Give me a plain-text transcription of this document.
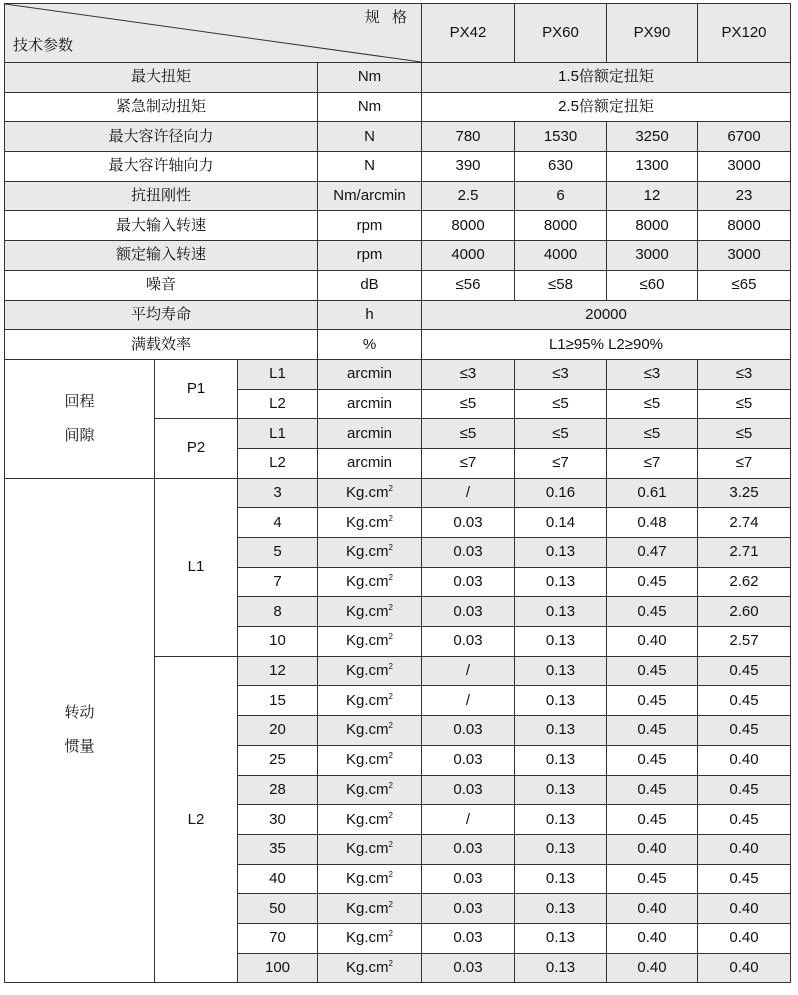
规 格
技术参数				PX42	PX60	PX90	PX120
最大扭矩			Nm	1.5倍额定扭矩			
紧急制动扭矩			Nm	2.5倍额定扭矩			
最大容许径向力			N	780	1530	3250	6700
最大容许轴向力			N	390	630	1300	3000
抗扭刚性			Nm/arcmin	2.5	6	12	23
最大输入转速			rpm	8000	8000	8000	8000
额定输入转速			rpm	4000	4000	3000	3000
噪音			dB	≤56	≤58	≤60	≤65
平均寿命			h	20000			
满载效率			%	L1≥95% L2≥90%			

回程
间隙	P1	L1	arcmin	≤3	≤3	≤3	≤3
		L2	arcmin	≤5	≤5	≤5	≤5
	P2	L1	arcmin	≤5	≤5	≤5	≤5
		L2	arcmin	≤7	≤7	≤7	≤7

转动
惯量	L1	3	$Kg.cm^2$	/	0.16	0.61	3.25
		4	$Kg.cm^2$	0.03	0.14	0.48	2.74
		5	$Kg.cm^2$	0.03	0.13	0.47	2.71
		7	$Kg.cm^2$	0.03	0.13	0.45	2.62
		8	$Kg.cm^2$	0.03	0.13	0.45	2.60
		10	$Kg.cm^2$	0.03	0.13	0.40	2.57
	L2	12	$Kg.cm^2$	/	0.13	0.45	0.45
		15	$Kg.cm^2$	/	0.13	0.45	0.45
		20	$Kg.cm^2$	0.03	0.13	0.45	0.45
		25	$Kg.cm^2$	0.03	0.13	0.45	0.40
		28	$Kg.cm^2$	0.03	0.13	0.45	0.45
		30	$Kg.cm^2$	/	0.13	0.45	0.45
		35	$Kg.cm^2$	0.03	0.13	0.40	0.40
		40	$Kg.cm^2$	0.03	0.13	0.45	0.45
		50	$Kg.cm^2$	0.03	0.13	0.40	0.40
		70	$Kg.cm^2$	0.03	0.13	0.40	0.40
		100	$Kg.cm^2$	0.03	0.13	0.40	0.40
